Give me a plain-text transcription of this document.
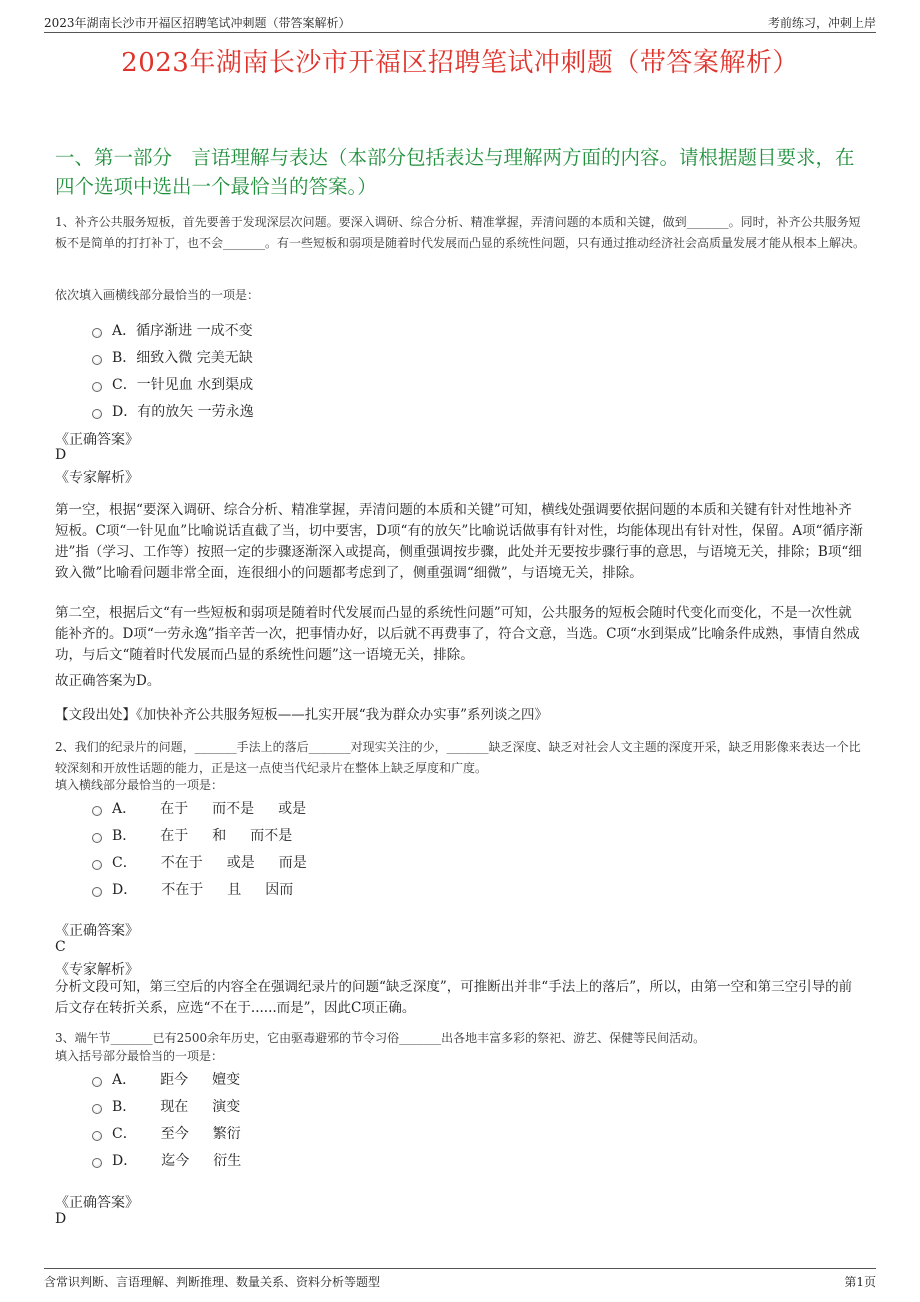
2023年湖南长沙市开福区招聘笔试冲刺题（带答案解析）	考前练习，冲刺上岸
2023年湖南长沙市开福区招聘笔试冲刺题（带答案解析）
一、第一部分　言语理解与表达（本部分包括表达与理解两方面的内容。请根据题目要求，在四个选项中选出一个最恰当的答案。）
1、补齐公共服务短板，首先要善于发现深层次问题。要深入调研、综合分析、精准掌握，弄清问题的本质和关键，做到_______。同时，补齐公共服务短板不是简单的打打补丁，也不会_______。有一些短板和弱项是随着时代发展而凸显的系统性问题，只有通过推动经济社会高质量发展才能从根本上解决。
依次填入画横线部分最恰当的一项是：
A． 循序渐进 一成不变
B． 细致入微 完美无缺
C． 一针见血 水到渠成
D． 有的放矢 一劳永逸
《正确答案》
D
《专家解析》
第一空，根据“要深入调研、综合分析、精准掌握，弄清问题的本质和关键”可知，横线处强调要依据问题的本质和关键有针对性地补齐短板。C项“一针见血”比喻说话直截了当，切中要害，D项“有的放矢”比喻说话做事有针对性，均能体现出有针对性，保留。A项“循序渐进”指（学习、工作等）按照一定的步骤逐渐深入或提高，侧重强调按步骤，此处并无要按步骤行事的意思，与语境无关，排除；B项“细致入微”比喻看问题非常全面，连很细小的问题都考虑到了，侧重强调“细微”，与语境无关，排除。
第二空，根据后文“有一些短板和弱项是随着时代发展而凸显的系统性问题”可知，公共服务的短板会随时代变化而变化，不是一次性就能补齐的。D项“一劳永逸”指辛苦一次，把事情办好，以后就不再费事了，符合文意，当选。C项“水到渠成”比喻条件成熟，事情自然成功，与后文“随着时代发展而凸显的系统性问题”这一语境无关，排除。
故正确答案为D。
【文段出处】《加快补齐公共服务短板——扎实开展“我为群众办实事”系列谈之四》
2、我们的纪录片的问题，_______手法上的落后_______对现实关注的少，_______缺乏深度、缺乏对社会人文主题的深度开采，缺乏用影像来表达一个比较深刻和开放性话题的能力，正是这一点使当代纪录片在整体上缺乏厚度和广度。
填入横线部分最恰当的一项是：
A． 在于 而不是 或是
B． 在于 和 而不是
C． 不在于 或是 而是
D． 不在于 且 因而
《正确答案》
C
《专家解析》
分析文段可知，第三空后的内容全在强调纪录片的问题“缺乏深度”，可推断出并非“手法上的落后”，所以，由第一空和第三空引导的前后文存在转折关系，应选“不在于......而是”，因此C项正确。
3、端午节_______已有2500余年历史，它由驱毒避邪的节令习俗_______出各地丰富多彩的祭祀、游艺、保健等民间活动。
填入括号部分最恰当的一项是：
A． 距今 嬗变
B． 现在 演变
C． 至今 繁衍
D． 迄今 衍生
《正确答案》
D
含常识判断、言语理解、判断推理、数量关系、资料分析等题型	第1页
